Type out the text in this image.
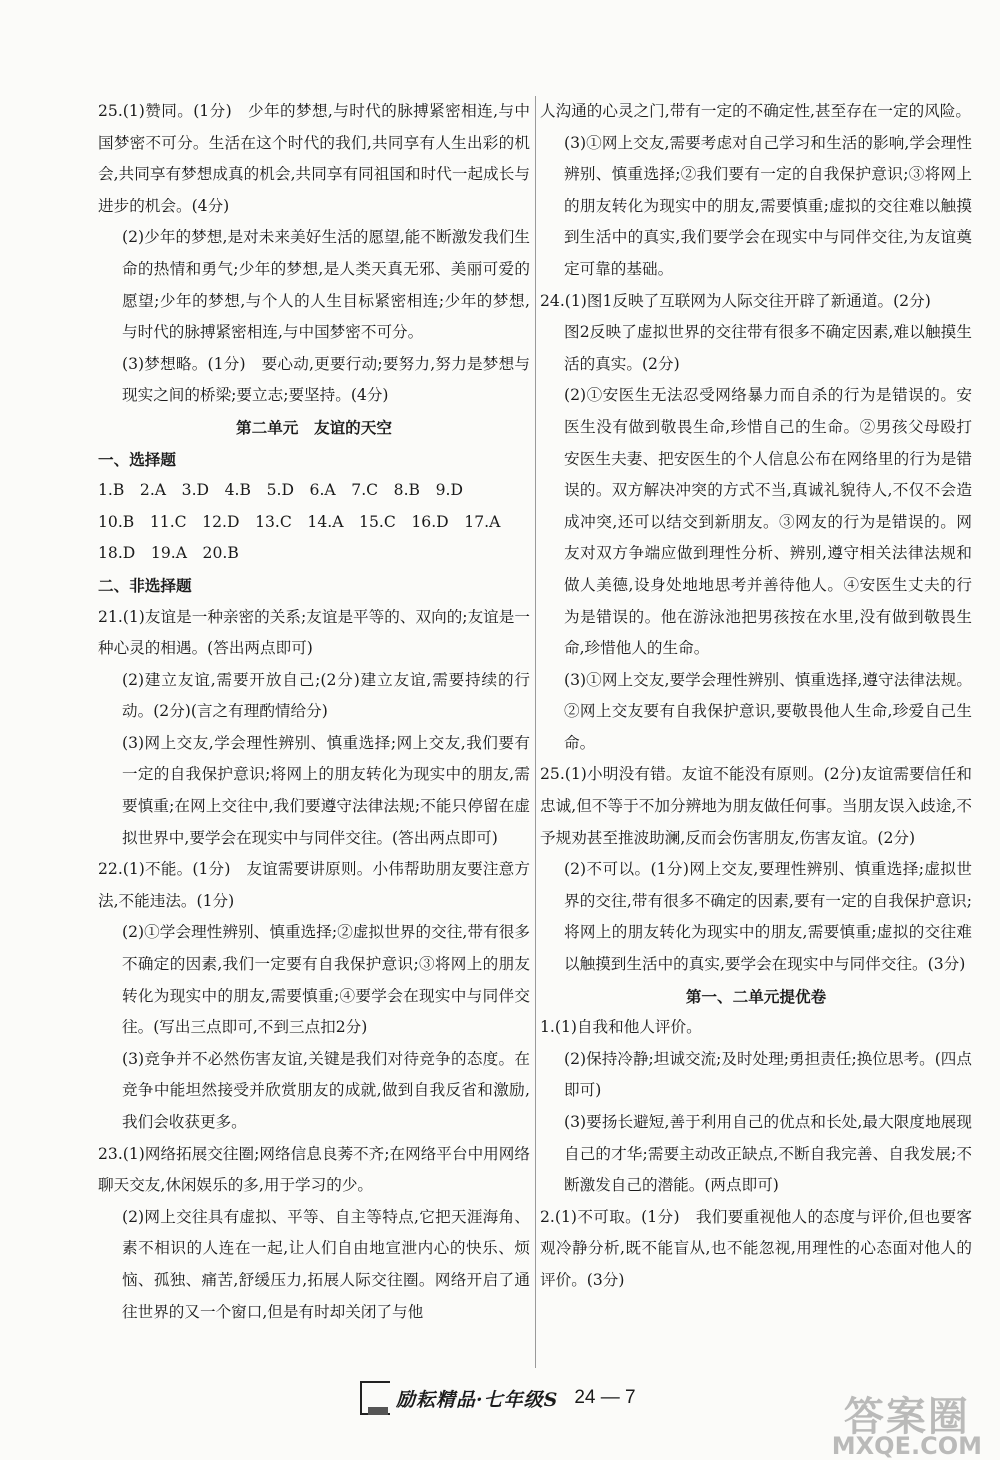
25.(1)赞同。(1分)　少年的梦想,与时代的脉搏紧密相连,与中国梦密不可分。生活在这个时代的我们,共同享有人生出彩的机会,共同享有梦想成真的机会,共同享有同祖国和时代一起成长与进步的机会。(4分)

(2)少年的梦想,是对未来美好生活的愿望,能不断激发我们生命的热情和勇气;少年的梦想,是人类天真无邪、美丽可爱的愿望;少年的梦想,与个人的人生目标紧密相连;少年的梦想,与时代的脉搏紧密相连,与中国梦密不可分。

(3)梦想略。(1分)　要心动,更要行动;要努力,努力是梦想与现实之间的桥梁;要立志;要坚持。(4分)

第二单元　友谊的天空

一、选择题

1.B　2.A　3.D　4.B　5.D　6.A　7.C　8.B　9.D

10.B　11.C　12.D　13.C　14.A　15.C　16.D　17.A

18.D　19.A　20.B

二、非选择题

21.(1)友谊是一种亲密的关系;友谊是平等的、双向的;友谊是一种心灵的相遇。(答出两点即可)

(2)建立友谊,需要开放自己;(2分)建立友谊,需要持续的行动。(2分)(言之有理酌情给分)

(3)网上交友,学会理性辨别、慎重选择;网上交友,我们要有一定的自我保护意识;将网上的朋友转化为现实中的朋友,需要慎重;在网上交往中,我们要遵守法律法规;不能只停留在虚拟世界中,要学会在现实中与同伴交往。(答出两点即可)

22.(1)不能。(1分)　友谊需要讲原则。小伟帮助朋友要注意方法,不能违法。(1分)

(2)①学会理性辨别、慎重选择;②虚拟世界的交往,带有很多不确定的因素,我们一定要有自我保护意识;③将网上的朋友转化为现实中的朋友,需要慎重;④要学会在现实中与同伴交往。(写出三点即可,不到三点扣2分)

(3)竞争并不必然伤害友谊,关键是我们对待竞争的态度。在竞争中能坦然接受并欣赏朋友的成就,做到自我反省和激励,我们会收获更多。

23.(1)网络拓展交往圈;网络信息良莠不齐;在网络平台中用网络聊天交友,休闲娱乐的多,用于学习的少。

(2)网上交往具有虚拟、平等、自主等特点,它把天涯海角、素不相识的人连在一起,让人们自由地宣泄内心的快乐、烦恼、孤独、痛苦,舒缓压力,拓展人际交往圈。网络开启了通往世界的又一个窗口,但是有时却关闭了与他

人沟通的心灵之门,带有一定的不确定性,甚至存在一定的风险。

(3)①网上交友,需要考虑对自己学习和生活的影响,学会理性辨别、慎重选择;②我们要有一定的自我保护意识;③将网上的朋友转化为现实中的朋友,需要慎重;虚拟的交往难以触摸到生活中的真实,我们要学会在现实中与同伴交往,为友谊奠定可靠的基础。

24.(1)图1反映了互联网为人际交往开辟了新通道。(2分)

图2反映了虚拟世界的交往带有很多不确定因素,难以触摸生活的真实。(2分)

(2)①安医生无法忍受网络暴力而自杀的行为是错误的。安医生没有做到敬畏生命,珍惜自己的生命。②男孩父母殴打安医生夫妻、把安医生的个人信息公布在网络里的行为是错误的。双方解决冲突的方式不当,真诚礼貌待人,不仅不会造成冲突,还可以结交到新朋友。③网友的行为是错误的。网友对双方争端应做到理性分析、辨别,遵守相关法律法规和做人美德,设身处地地思考并善待他人。④安医生丈夫的行为是错误的。他在游泳池把男孩按在水里,没有做到敬畏生命,珍惜他人的生命。

(3)①网上交友,要学会理性辨别、慎重选择,遵守法律法规。②网上交友要有自我保护意识,要敬畏他人生命,珍爱自己生命。

25.(1)小明没有错。友谊不能没有原则。(2分)友谊需要信任和忠诚,但不等于不加分辨地为朋友做任何事。当朋友误入歧途,不予规劝甚至推波助澜,反而会伤害朋友,伤害友谊。(2分)

(2)不可以。(1分)网上交友,要理性辨别、慎重选择;虚拟世界的交往,带有很多不确定的因素,要有一定的自我保护意识;将网上的朋友转化为现实中的朋友,需要慎重;虚拟的交往难以触摸到生活中的真实,要学会在现实中与同伴交往。(3分)

第一、二单元提优卷

1.(1)自我和他人评价。

(2)保持冷静;坦诚交流;及时处理;勇担责任;换位思考。(四点即可)

(3)要扬长避短,善于利用自己的优点和长处,最大限度地展现自己的才华;需要主动改正缺点,不断自我完善、自我发展;不断激发自己的潜能。(两点即可)

2.(1)不可取。(1分)　我们要重视他人的态度与评价,但也要客观冷静分析,既不能盲从,也不能忽视,用理性的心态面对他人的评价。(3分)

励耘精品·七年级S 24 — 7	答案圈
MXQE.COM
